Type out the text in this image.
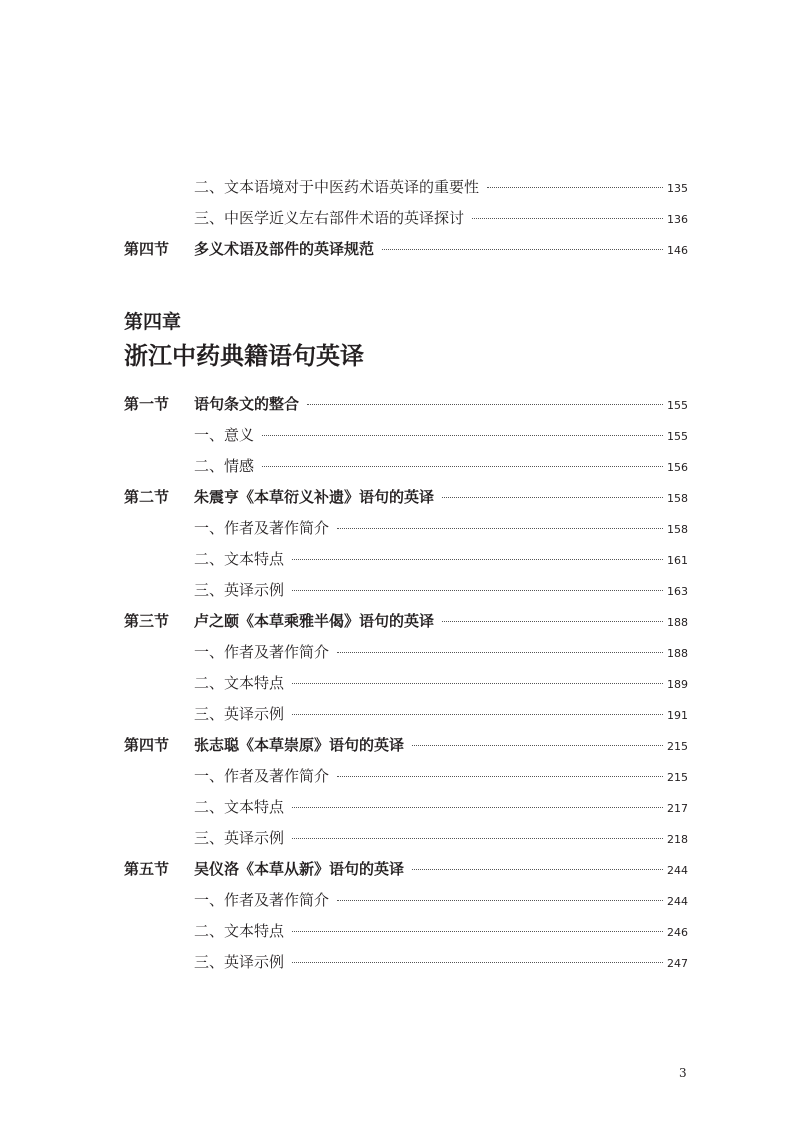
二、文本语境对于中医药术语英译的重要性	135
三、中医学近义左右部件术语的英译探讨	136
第四节	多义术语及部件的英译规范	146
第四章
浙江中药典籍语句英译
第一节	语句条文的整合	155
一、意义	155
二、情感	156
第二节	朱震亨《本草衍义补遗》语句的英译	158
一、作者及著作简介	158
二、文本特点	161
三、英译示例	163
第三节	卢之颐《本草乘雅半偈》语句的英译	188
一、作者及著作简介	188
二、文本特点	189
三、英译示例	191
第四节	张志聪《本草崇原》语句的英译	215
一、作者及著作简介	215
二、文本特点	217
三、英译示例	218
第五节	吴仪洛《本草从新》语句的英译	244
一、作者及著作简介	244
二、文本特点	246
三、英译示例	247
3
